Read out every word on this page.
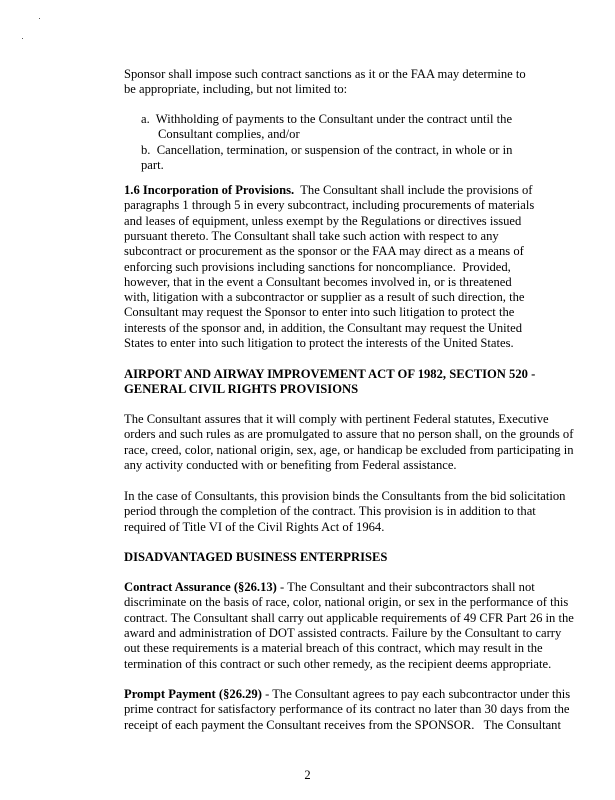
Sponsor shall impose such contract sanctions as it or the FAA may determine to
be appropriate, including, but not limited to:
a.  Withholding of payments to the Consultant under the contract until the
Consultant complies, and/or
b.  Cancellation, termination, or suspension of the contract, in whole or in
part.
1.6 Incorporation of Provisions.  The Consultant shall include the provisions of
paragraphs 1 through 5 in every subcontract, including procurements of materials
and leases of equipment, unless exempt by the Regulations or directives issued
pursuant thereto. The Consultant shall take such action with respect to any
subcontract or procurement as the sponsor or the FAA may direct as a means of
enforcing such provisions including sanctions for noncompliance.  Provided,
however, that in the event a Consultant becomes involved in, or is threatened
with, litigation with a subcontractor or supplier as a result of such direction, the
Consultant may request the Sponsor to enter into such litigation to protect the
interests of the sponsor and, in addition, the Consultant may request the United
States to enter into such litigation to protect the interests of the United States.
AIRPORT AND AIRWAY IMPROVEMENT ACT OF 1982, SECTION 520 -
GENERAL CIVIL RIGHTS PROVISIONS
The Consultant assures that it will comply with pertinent Federal statutes, Executive
orders and such rules as are promulgated to assure that no person shall, on the grounds of
race, creed, color, national origin, sex, age, or handicap be excluded from participating in
any activity conducted with or benefiting from Federal assistance.
In the case of Consultants, this provision binds the Consultants from the bid solicitation
period through the completion of the contract. This provision is in addition to that
required of Title VI of the Civil Rights Act of 1964.
DISADVANTAGED BUSINESS ENTERPRISES
Contract Assurance (§26.13) - The Consultant and their subcontractors shall not
discriminate on the basis of race, color, national origin, or sex in the performance of this
contract. The Consultant shall carry out applicable requirements of 49 CFR Part 26 in the
award and administration of DOT assisted contracts. Failure by the Consultant to carry
out these requirements is a material breach of this contract, which may result in the
termination of this contract or such other remedy, as the recipient deems appropriate.
Prompt Payment (§26.29) - The Consultant agrees to pay each subcontractor under this
prime contract for satisfactory performance of its contract no later than 30 days from the
receipt of each payment the Consultant receives from the SPONSOR.   The Consultant
2
